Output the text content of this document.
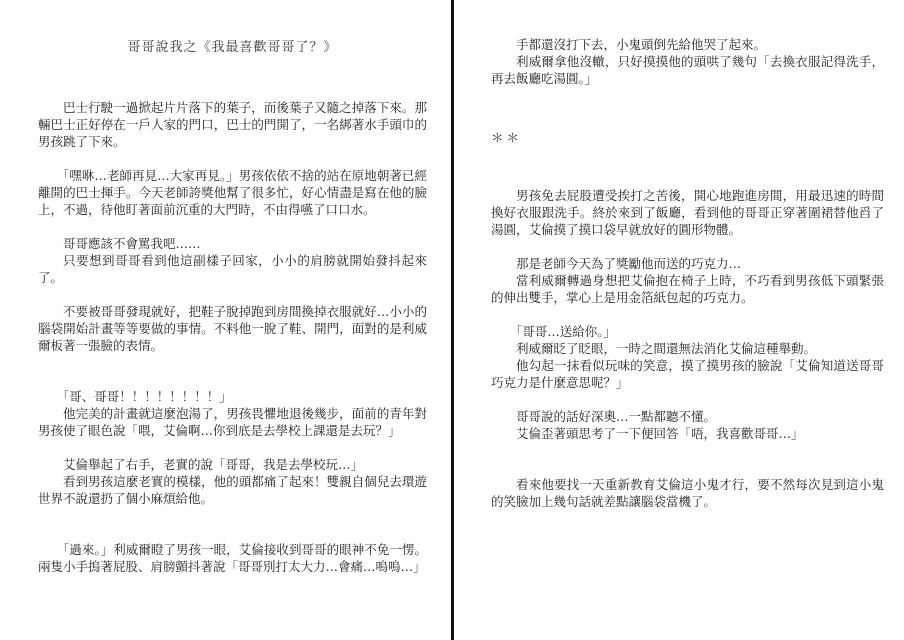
哥哥說我之《我最喜歡哥哥了？》

巴士行駛一過掀起片片落下的葉子，而後葉子又隨之掉落下來。那輛巴士正好停在一戶人家的門口，巴士的門開了，一名綁著水手頭巾的男孩跳了下來。

「嘿咻…老師再見…大家再見。」男孩依依不捨的站在原地朝著已經離開的巴士揮手。今天老師誇獎他幫了很多忙，好心情盡是寫在他的臉上，不過，待他盯著面前沉重的大門時，不由得嚥了口口水。

哥哥應該不會罵我吧……

只要想到哥哥看到他這副樣子回家，小小的肩膀就開始發抖起來了。

不要被哥哥發現就好，把鞋子脫掉跑到房間換掉衣服就好…小小的腦袋開始計畫等等要做的事情。不料他一脫了鞋、開門，面對的是利威爾板著一張臉的表情。

「哥、哥哥！！！！！！！！」

他完美的計畫就這麼泡湯了，男孩畏懼地退後幾步，面前的青年對男孩使了眼色說「喂，艾倫啊…你到底是去學校上課還是去玩？」

艾倫舉起了右手，老實的說「哥哥，我是去學校玩…」

看到男孩這麼老實的模樣，他的頭都痛了起來！雙親自個兒去環遊世界不說還扔了個小麻煩給他。

「過來。」利威爾瞪了男孩一眼，艾倫接收到哥哥的眼神不免一愣。兩隻小手摀著屁股、肩膀顫抖著說「哥哥別打太大力…會痛…嗚嗚…」

手都還沒打下去，小鬼頭倒先給他哭了起來。

利威爾拿他沒轍，只好摸摸他的頭哄了幾句「去換衣服記得洗手，再去飯廳吃湯圓。」

＊＊

男孩免去屁股遭受挨打之苦後，開心地跑進房間，用最迅速的時間換好衣服跟洗手。終於來到了飯廳，看到他的哥哥正穿著圍裙替他舀了湯圓，艾倫摸了摸口袋早就放好的圓形物體。

那是老師今天為了獎勵他而送的巧克力…

當利威爾轉過身想把艾倫抱在椅子上時，不巧看到男孩低下頭緊張的伸出雙手，掌心上是用金箔紙包起的巧克力。

「哥哥…送給你。」

利威爾眨了眨眼，一時之間還無法消化艾倫這種舉動。

他勾起一抹看似玩味的笑意，摸了摸男孩的臉說「艾倫知道送哥哥巧克力是什麼意思呢？」

哥哥說的話好深奧…一點都聽不懂。

艾倫歪著頭思考了一下便回答「唔，我喜歡哥哥…」

看來他要找一天重新教育艾倫這小鬼才行，要不然每次見到這小鬼的笑臉加上幾句話就差點讓腦袋當機了。
